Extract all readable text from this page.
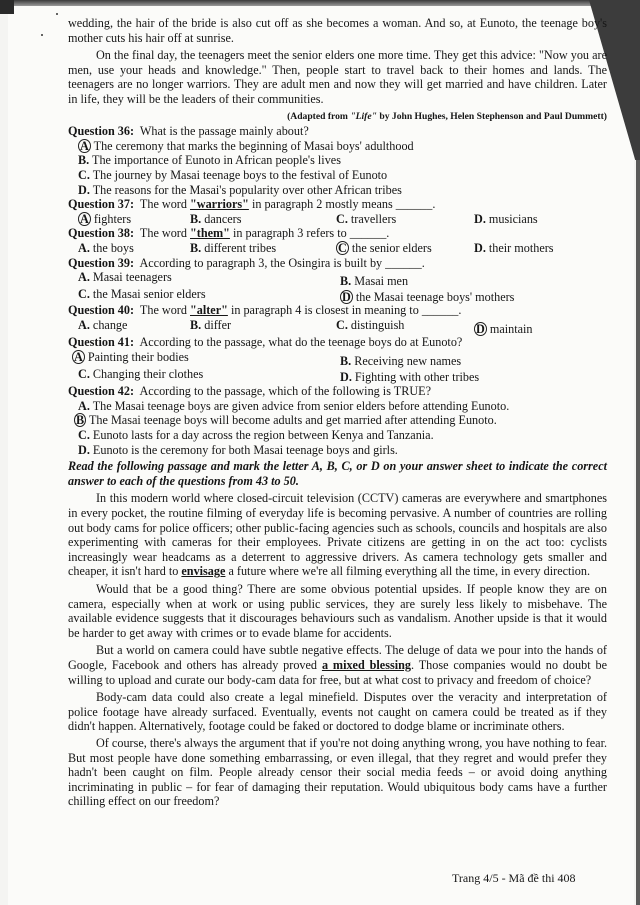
wedding, the hair of the bride is also cut off as she becomes a woman. And so, at Eunoto, the teenage boy's mother cuts his hair off at sunrise.

On the final day, the teenagers meet the senior elders one more time. They get this advice: "Now you are men, use your heads and knowledge." Then, people start to travel back to their homes and lands. The teenagers are no longer warriors. They are adult men and now they will get married and have children. Later in life, they will be the leaders of their communities.

(Adapted from "Life" by John Hughes, Helen Stephenson and Paul Dummett)
Question 36: What is the passage mainly about?
A The ceremony that marks the beginning of Masai boys' adulthood
B. The importance of Eunoto in African people's lives
C. The journey by Masai teenage boys to the festival of Eunoto
D. The reasons for the Masai's popularity over other African tribes
Question 37: The word "warriors" in paragraph 2 mostly means ______.
A fighters	B. dancers	C. travellers	D. musicians
Question 38: The word "them" in paragraph 3 refers to ______.
A. the boys	B. different tribes	C the senior elders	D. their mothers
Question 39: According to paragraph 3, the Osingira is built by ______.
A. Masai teenagers	B. Masai men
C. the Masai senior elders	D the Masai teenage boys' mothers
Question 40: The word "alter" in paragraph 4 is closest in meaning to ______.
A. change	B. differ	C. distinguish	D maintain
Question 41: According to the passage, what do the teenage boys do at Eunoto?
A Painting their bodies	B. Receiving new names
C. Changing their clothes	D. Fighting with other tribes
Question 42: According to the passage, which of the following is TRUE?
A. The Masai teenage boys are given advice from senior elders before attending Eunoto.
B The Masai teenage boys will become adults and get married after attending Eunoto.
C. Eunoto lasts for a day across the region between Kenya and Tanzania.
D. Eunoto is the ceremony for both Masai teenage boys and girls.
Read the following passage and mark the letter A, B, C, or D on your answer sheet to indicate the correct answer to each of the questions from 43 to 50.

In this modern world where closed-circuit television (CCTV) cameras are everywhere and smartphones in every pocket, the routine filming of everyday life is becoming pervasive. A number of countries are rolling out body cams for police officers; other public-facing agencies such as schools, councils and hospitals are also experimenting with cameras for their employees. Private citizens are getting in on the act too: cyclists increasingly wear headcams as a deterrent to aggressive drivers. As camera technology gets smaller and cheaper, it isn't hard to envisage a future where we're all filming everything all the time, in every direction.

Would that be a good thing? There are some obvious potential upsides. If people know they are on camera, especially when at work or using public services, they are surely less likely to misbehave. The available evidence suggests that it discourages behaviours such as vandalism. Another upside is that it would be harder to get away with crimes or to evade blame for accidents.

But a world on camera could have subtle negative effects. The deluge of data we pour into the hands of Google, Facebook and others has already proved a mixed blessing. Those companies would no doubt be willing to upload and curate our body-cam data for free, but at what cost to privacy and freedom of choice?

Body-cam data could also create a legal minefield. Disputes over the veracity and interpretation of police footage have already surfaced. Eventually, events not caught on camera could be treated as if they didn't happen. Alternatively, footage could be faked or doctored to dodge blame or incriminate others.

Of course, there's always the argument that if you're not doing anything wrong, you have nothing to fear. But most people have done something embarrassing, or even illegal, that they regret and would prefer they hadn't been caught on film. People already censor their social media feeds – or avoid doing anything incriminating in public – for fear of damaging their reputation. Would ubiquitous body cams have a further chilling effect on our freedom?

Trang 4/5 - Mã đề thi 408
